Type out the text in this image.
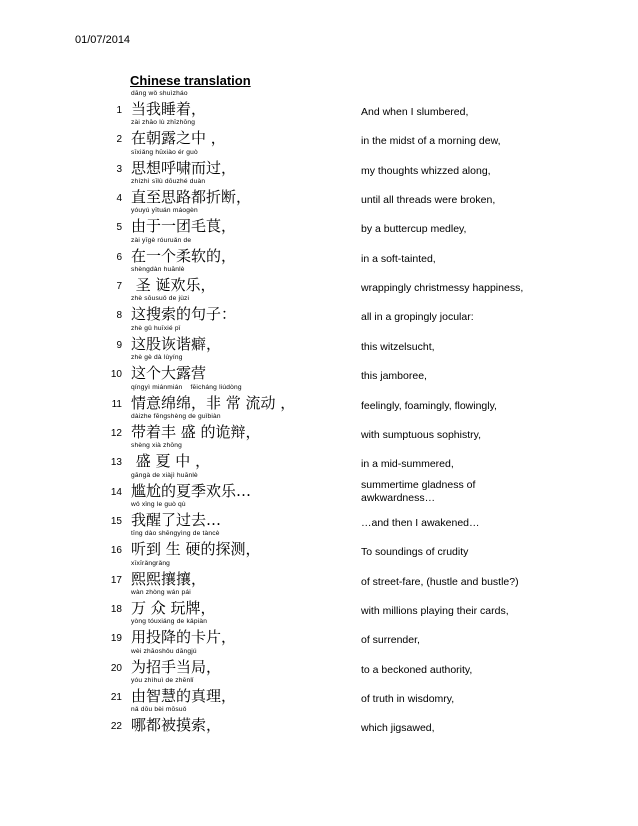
01/07/2014
Chinese translation
1
dāng wǒ shuìzháo
当我睡着，	And when I slumbered,
2
zài zhāo lù zhīzhōng
在朝露之中 ，	in the midst of a morning dew,
3
sīxiǎng hūxiào ér guò
思想呼啸而过，	my thoughts whizzed along,
4
zhízhì sīlù dōuzhé duàn
直至思路都折断，	until all threads were broken,
5
yóuyú yītuán máogèn
由于一团毛茛，	by a buttercup medley,
6
zài yīgè róuruǎn de
在一个柔软的，	in a soft-tainted,
7
shèngdàn huānlè
圣 诞欢乐，	wrappingly christmessy happiness,
8
zhè sōusuǒ de jùzi
这搜索的句子：	all in a gropingly jocular:
9
zhè gǔ huīxié pǐ
这股诙谐癖，	this witzelsucht,
10
zhè gè dà lùyíng
这个大露营	this jamboree,
11
qíngyì miánmián    fēicháng liúdòng
情意绵绵，非 常 流动 ，	feelingly, foamingly, flowingly,
12
dàizhe fēngshèng de guǐbiàn
带着丰 盛 的诡辩，	with sumptuous sophistry,
13
shèng xià zhōng
盛 夏 中 ，	in a mid-summered,
14
gāngà de xiàjì huānlè
尴尬的夏季欢乐…	summertime gladness of
awkwardness…
15
wǒ xǐng le guò qù
我醒了过去…	…and then I awakened…
16
tīng dào shēngyìng de tàncè
听到 生 硬的探测，	To soundings of crudity
17
xīxīrǎngrǎng
熙熙攘攘，	of street-fare, (hustle and bustle?)
18
wàn zhòng wán pái
万 众 玩牌，	with millions playing their cards,
19
yòng tóuxiáng de kǎpiàn
用投降的卡片，	of surrender,
20
wèi zhāoshǒu dāngjú
为招手当局，	to a beckoned authority,
21
yóu zhìhuì de zhēnlǐ
由智慧的真理，	of truth in wisdomry,
22
nǎ dōu bèi mōsuǒ
哪都被摸索，	which jigsawed,
